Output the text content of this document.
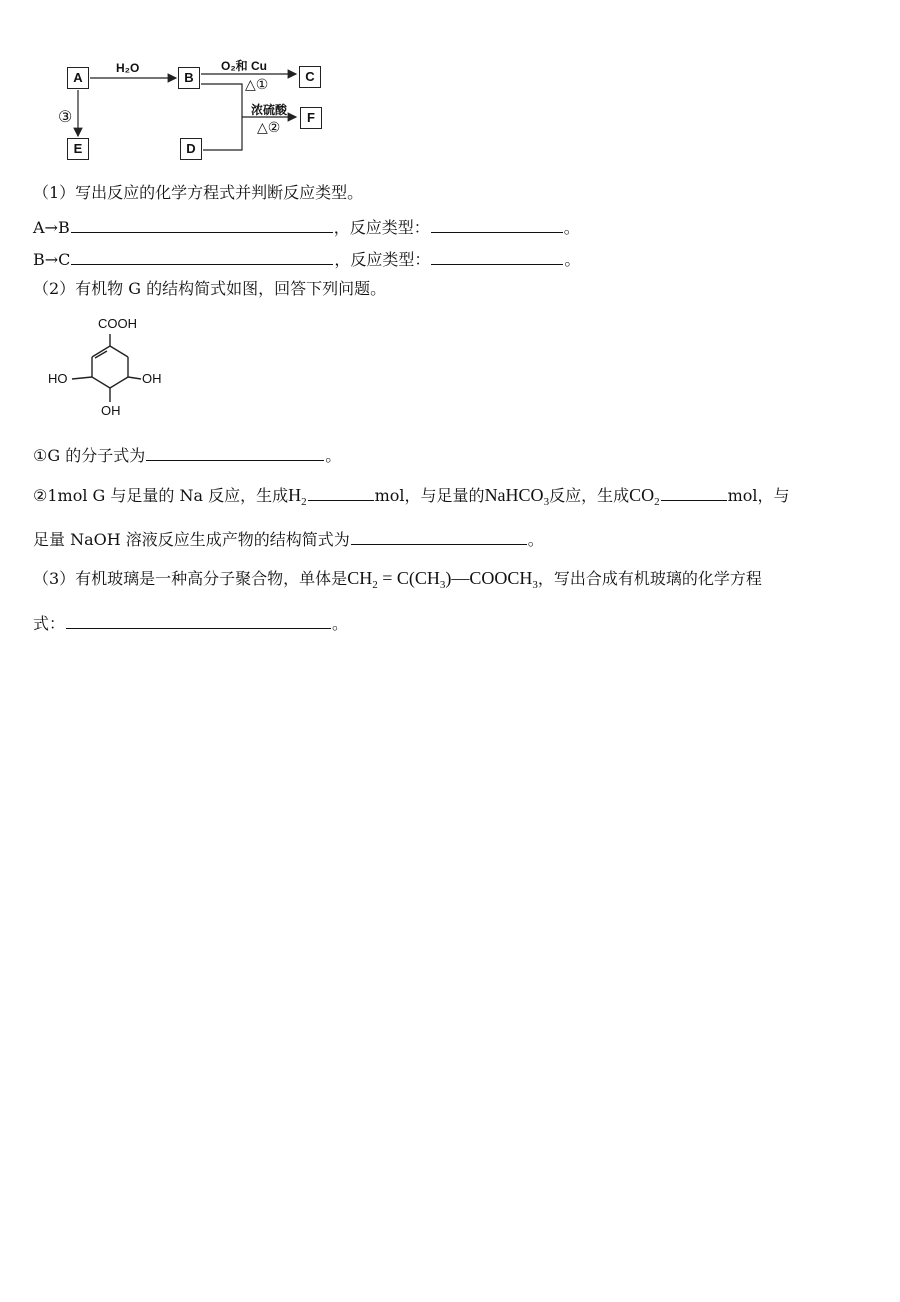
A	B	C
D
E
F
H₂O	O₂和 Cu
△①
浓硫酸
△②
③
（1）写出反应的化学方程式并判断反应类型。
A→B	，反应类型：	。
B→C	，反应类型：	。
（2）有机物 G 的结构简式如图，回答下列问题。
COOH
HO	OH
OH
①G 的分子式为	。
②1mol G 与足量的 Na 反应，生成$H_2$	mol，与足量的NaHCO$_3$反应，生成$CO_2$	mol，与
足量 NaOH 溶液反应生成产物的结构简式为	。
（3）有机玻璃是一种高分子聚合物，单体是$CH_2$ = $C(CH_3)—COOCH_3$，写出合成有机玻璃的化学方程
式：	。
